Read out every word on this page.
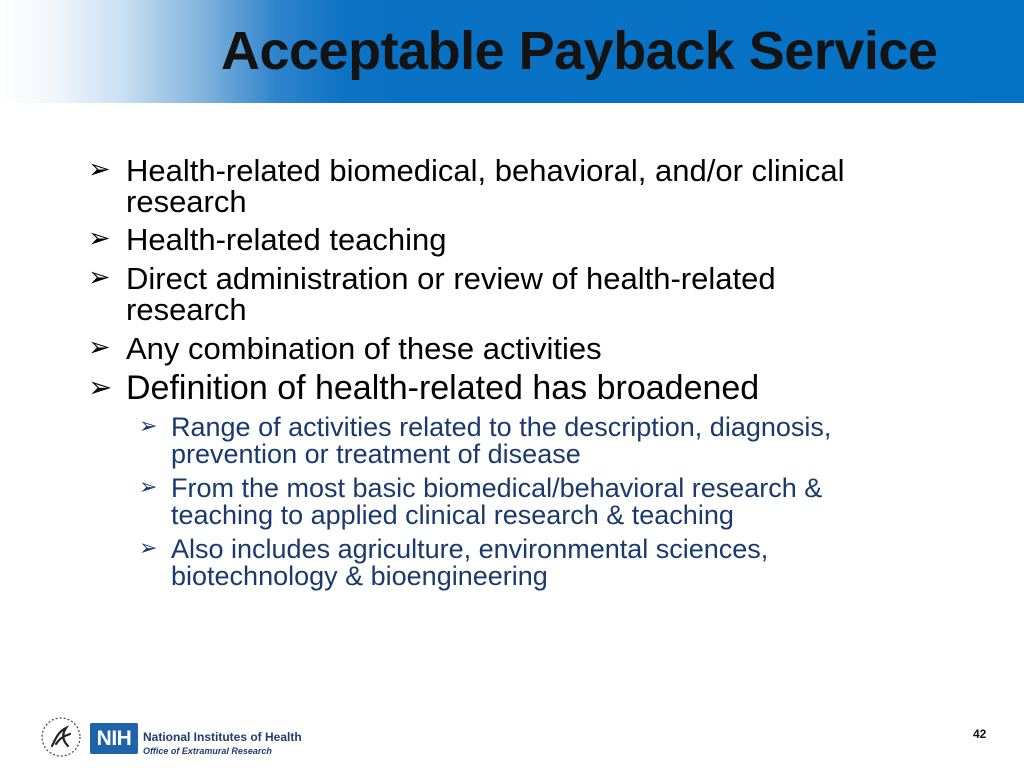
Acceptable Payback Service
➢ Health-related biomedical, behavioral, and/or clinical
research
➢ Health-related teaching
➢ Direct administration or review of health-related
research
➢ Any combination of these activities
➢ Definition of health-related has broadened
➢ Range of activities related to the description, diagnosis,
prevention or treatment of disease
➢ From the most basic biomedical/behavioral research &
teaching to applied clinical research & teaching
➢ Also includes agriculture, environmental sciences,
biotechnology & bioengineering
NIH National Institutes of Health
Office of Extramural Research
42
